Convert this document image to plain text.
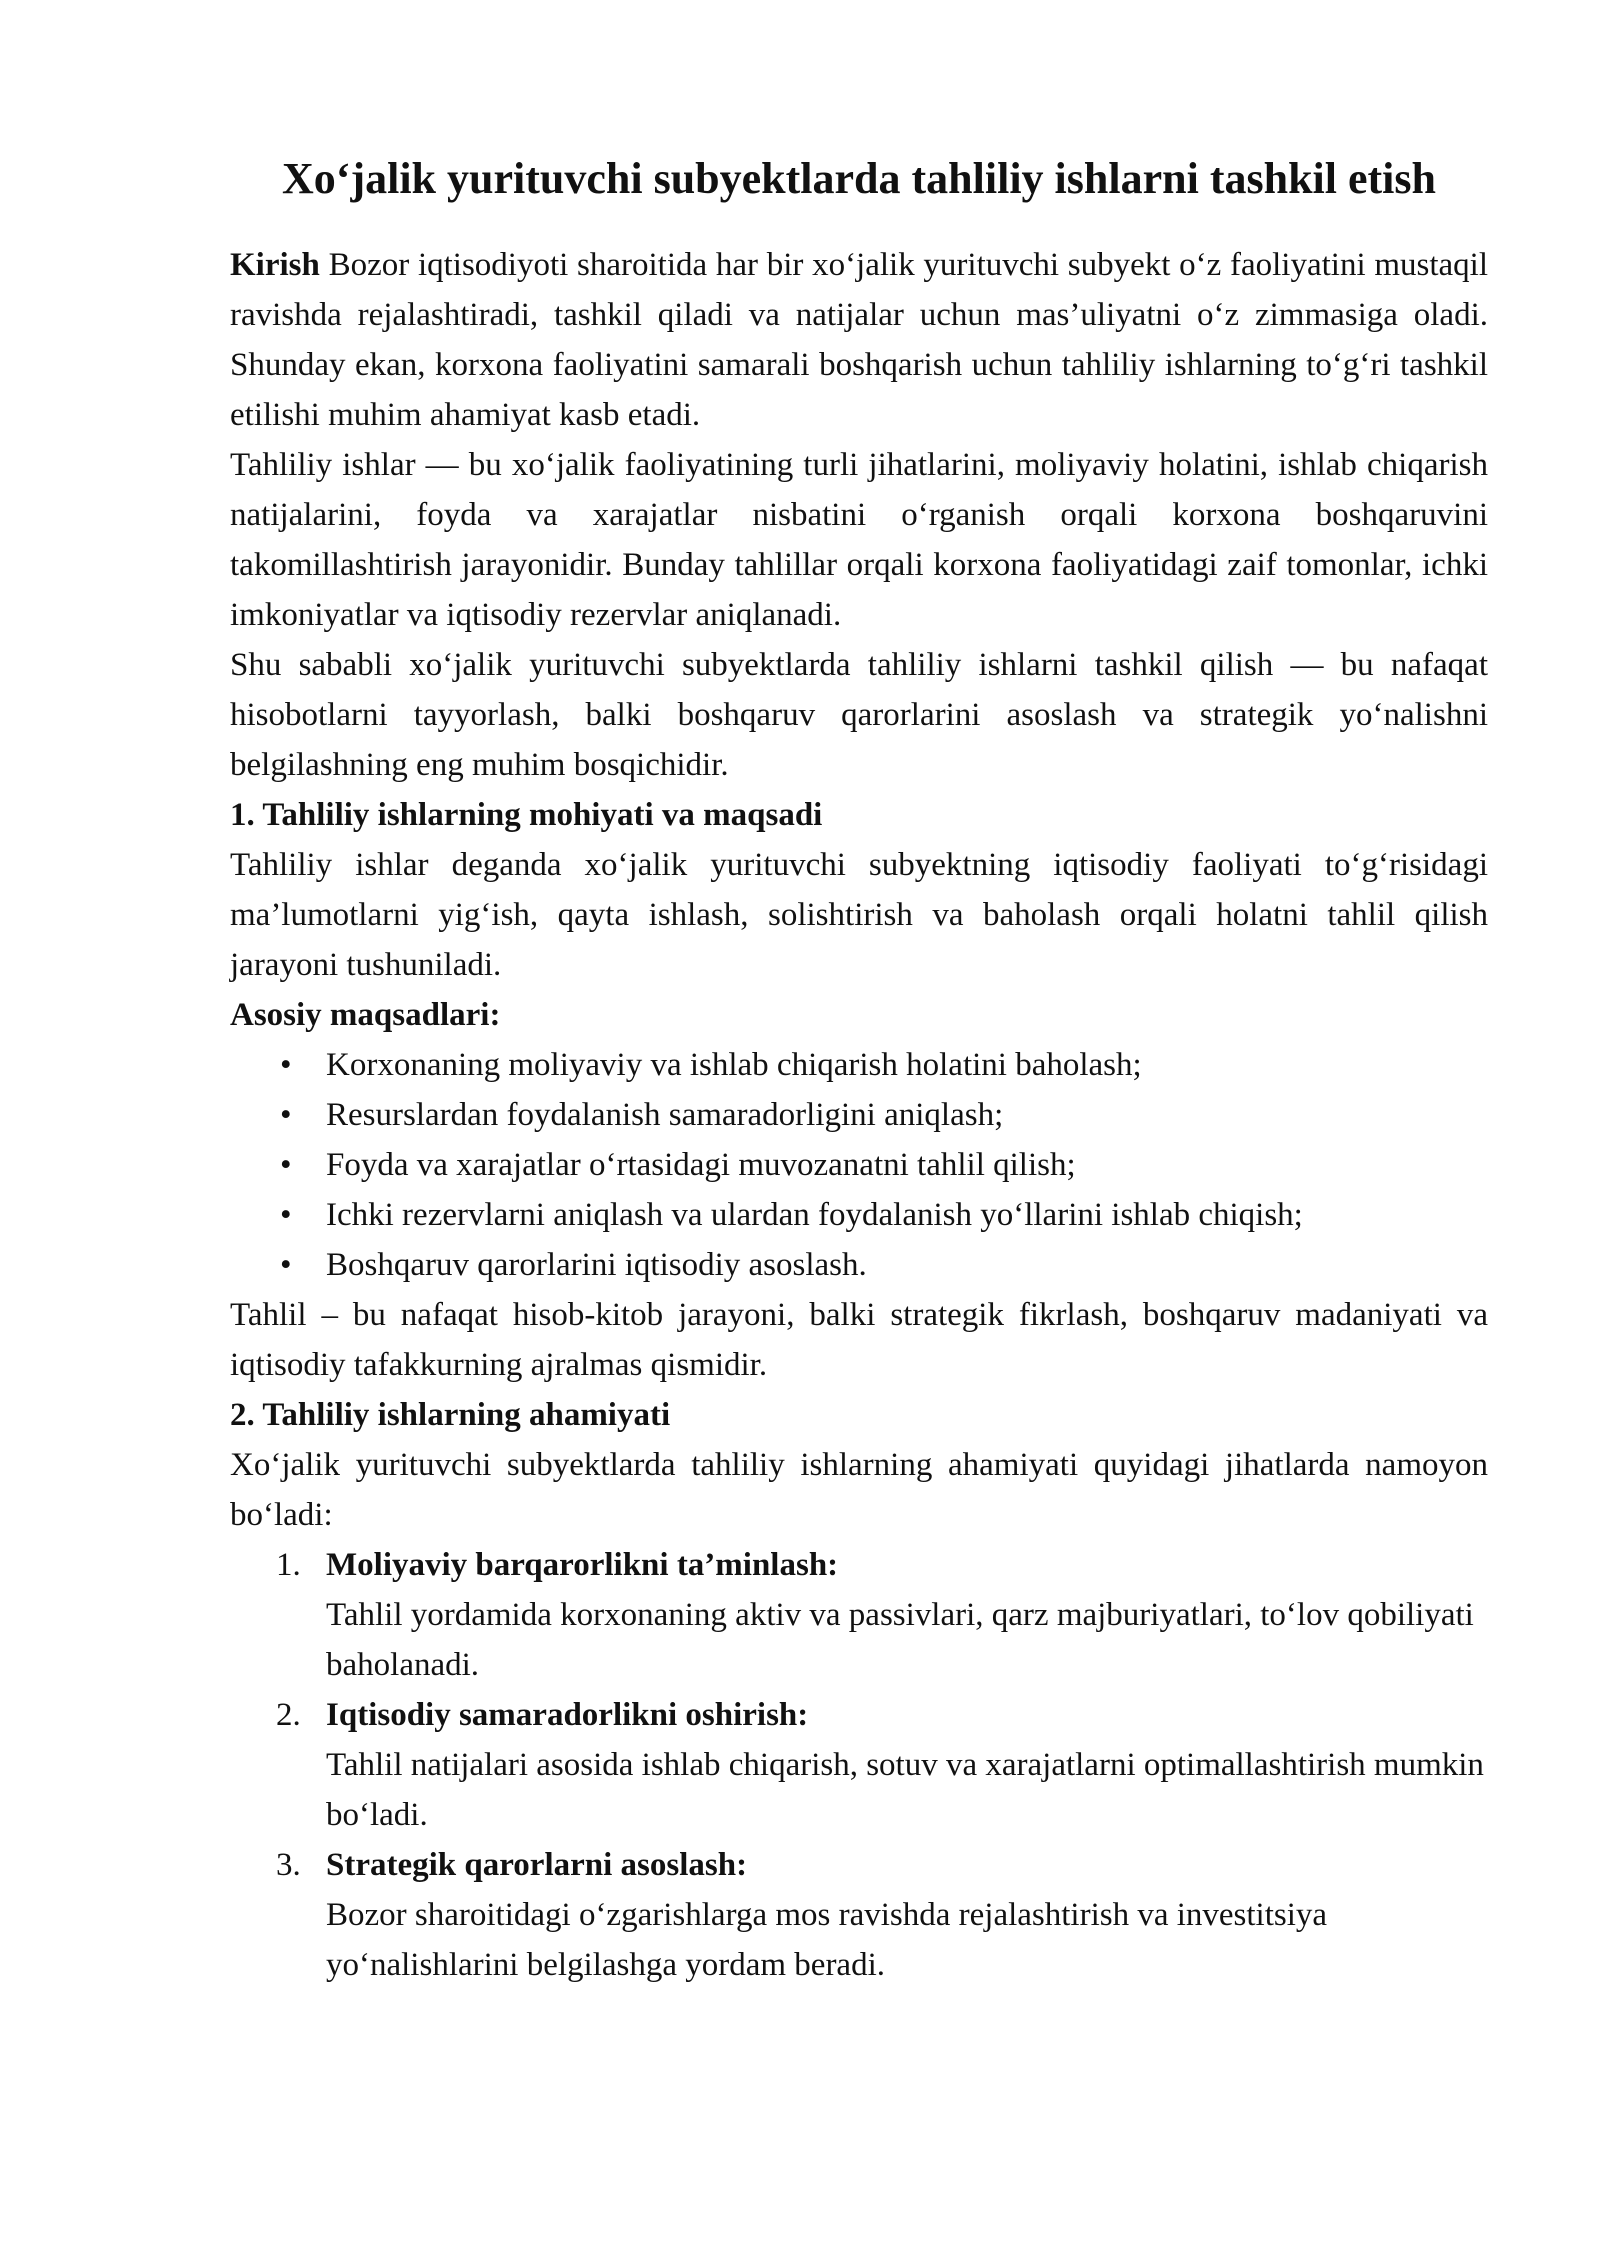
Xo‘jalik yurituvchi subyektlarda tahliliy ishlarni tashkil etish

Kirish Bozor iqtisodiyoti sharoitida har bir xo‘jalik yurituvchi subyekt o‘z faoliyatini mustaqil ravishda rejalashtiradi, tashkil qiladi va natijalar uchun mas’uliyatni o‘z zimmasiga oladi. Shunday ekan, korxona faoliyatini samarali boshqarish uchun tahliliy ishlarning to‘g‘ri tashkil etilishi muhim ahamiyat kasb etadi.

Tahliliy ishlar — bu xo‘jalik faoliyatining turli jihatlarini, moliyaviy holatini, ishlab chiqarish natijalarini, foyda va xarajatlar nisbatini o‘rganish orqali korxona boshqaruvini takomillashtirish jarayonidir. Bunday tahlillar orqali korxona faoliyatidagi zaif tomonlar, ichki imkoniyatlar va iqtisodiy rezervlar aniqlanadi.

Shu sababli xo‘jalik yurituvchi subyektlarda tahliliy ishlarni tashkil qilish — bu nafaqat hisobotlarni tayyorlash, balki boshqaruv qarorlarini asoslash va strategik yo‘nalishni belgilashning eng muhim bosqichidir.

1. Tahliliy ishlarning mohiyati va maqsadi

Tahliliy ishlar deganda xo‘jalik yurituvchi subyektning iqtisodiy faoliyati to‘g‘risidagi ma’lumotlarni yig‘ish, qayta ishlash, solishtirish va baholash orqali holatni tahlil qilish jarayoni tushuniladi.

Asosiy maqsadlari:
• Korxonaning moliyaviy va ishlab chiqarish holatini baholash;
• Resurslardan foydalanish samaradorligini aniqlash;
• Foyda va xarajatlar o‘rtasidagi muvozanatni tahlil qilish;
• Ichki rezervlarni aniqlash va ulardan foydalanish yo‘llarini ishlab chiqish;
• Boshqaruv qarorlarini iqtisodiy asoslash.

Tahlil – bu nafaqat hisob-kitob jarayoni, balki strategik fikrlash, boshqaruv madaniyati va iqtisodiy tafakkurning ajralmas qismidir.

2. Tahliliy ishlarning ahamiyati

Xo‘jalik yurituvchi subyektlarda tahliliy ishlarning ahamiyati quyidagi jihatlarda namoyon bo‘ladi:

1. Moliyaviy barqarorlikni ta’minlash:
Tahlil yordamida korxonaning aktiv va passivlari, qarz majburiyatlari, to‘lov qobiliyati baholanadi.
2. Iqtisodiy samaradorlikni oshirish:
Tahlil natijalari asosida ishlab chiqarish, sotuv va xarajatlarni optimallashtirish mumkin bo‘ladi.
3. Strategik qarorlarni asoslash:
Bozor sharoitidagi o‘zgarishlarga mos ravishda rejalashtirish va investitsiya yo‘nalishlarini belgilashga yordam beradi.
